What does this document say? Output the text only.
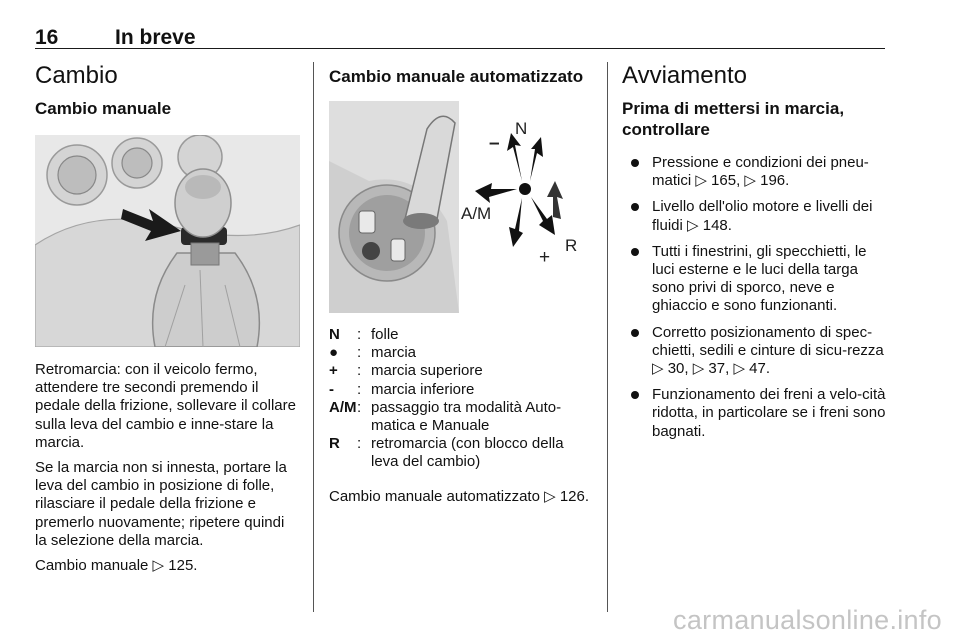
16	In breve
Cambio
Cambio manuale

Retromarcia: con il veicolo fermo, attendere tre secondi premendo il pedale della frizione, sollevare il collare sulla leva del cambio e inne-stare la marcia.

Se la marcia non si innesta, portare la leva del cambio in posizione di folle, rilasciare il pedale della frizione e premerlo nuovamente; ripetere quindi la selezione della marcia.

Cambio manuale ▷ 125.

Cambio manuale automatizzato
N
–
A/M
+
R
N	: folle
●	: marcia
+	: marcia superiore
-	: marcia inferiore
A/M : passaggio tra modalità Auto-matica e Manuale
R	: retromarcia (con blocco della leva del cambio)

Cambio manuale automatizzato ▷ 126.

Avviamento
Prima di mettersi in marcia, controllare
Pressione e condizioni dei pneu-matici ▷ 165, ▷ 196.
Livello dell'olio motore e livelli dei fluidi ▷ 148.
Tutti i finestrini, gli specchietti, le luci esterne e le luci della targa sono privi di sporco, neve e ghiaccio e sono funzionanti.
Corretto posizionamento di spec-chietti, sedili e cinture di sicu-rezza ▷ 30, ▷ 37, ▷ 47.
Funzionamento dei freni a velo-cità ridotta, in particolare se i freni sono bagnati.
carmanualsonline.info
